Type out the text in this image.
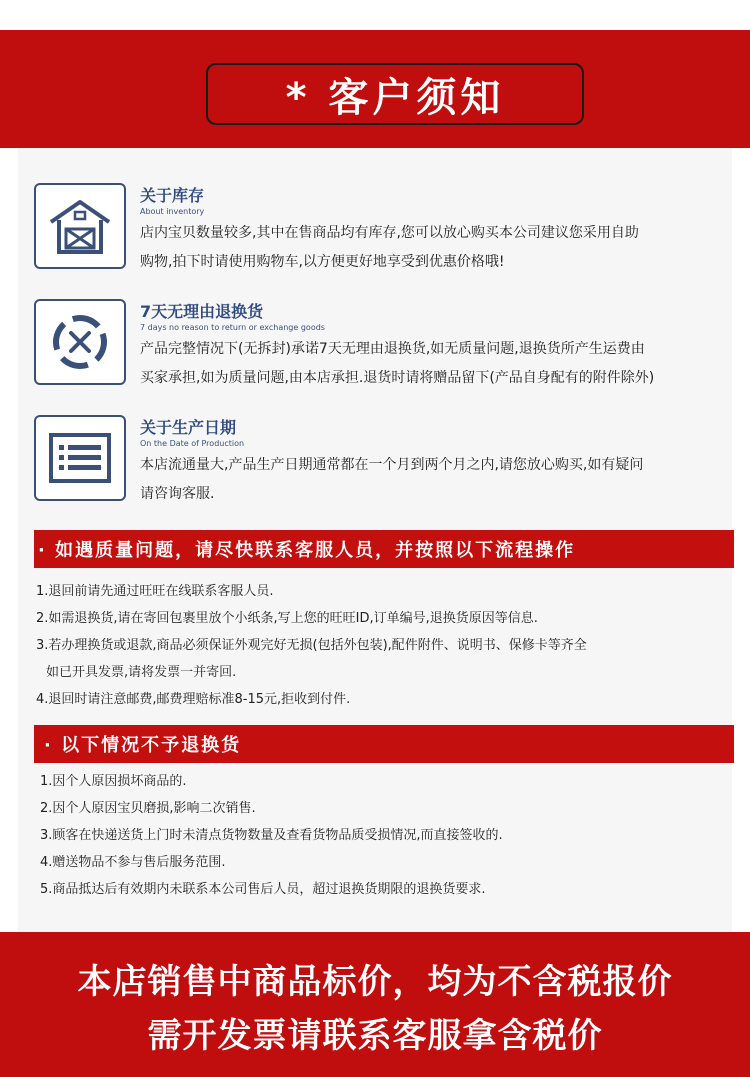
* 客户须知
关于库存
About inventory
店内宝贝数量较多,其中在售商品均有库存,您可以放心购买本公司建议您采用自助
购物,拍下时请使用购物车,以方便更好地享受到优惠价格哦!
7天无理由退换货
7 days no reason to return or exchange goods
产品完整情况下(无拆封)承诺7天无理由退换货,如无质量问题,退换货所产生运费由
买家承担,如为质量问题,由本店承担.退货时请将赠品留下(产品自身配有的附件除外)
关于生产日期
On the Date of Production
本店流通量大,产品生产日期通常都在一个月到两个月之内,请您放心购买,如有疑问
请咨询客服.
· 如遇质量问题，请尽快联系客服人员，并按照以下流程操作
1.退回前请先通过旺旺在线联系客服人员.
2.如需退换货,请在寄回包裹里放个小纸条,写上您的旺旺ID,订单编号,退换货原因等信息.
3.若办理换货或退款,商品必须保证外观完好无损(包括外包装),配件附件、说明书、保修卡等齐全
如已开具发票,请将发票一并寄回.
4.退回时请注意邮费,邮费理赔标准8-15元,拒收到付件.
· 以下情况不予退换货
1.因个人原因损坏商品的.
2.因个人原因宝贝磨损,影响二次销售.
3.顾客在快递送货上门时未清点货物数量及查看货物品质受损情况,而直接签收的.
4.赠送物品不参与售后服务范围.
5.商品抵达后有效期内未联系本公司售后人员，超过退换货期限的退换货要求.
本店销售中商品标价，均为不含税报价
需开发票请联系客服拿含税价
